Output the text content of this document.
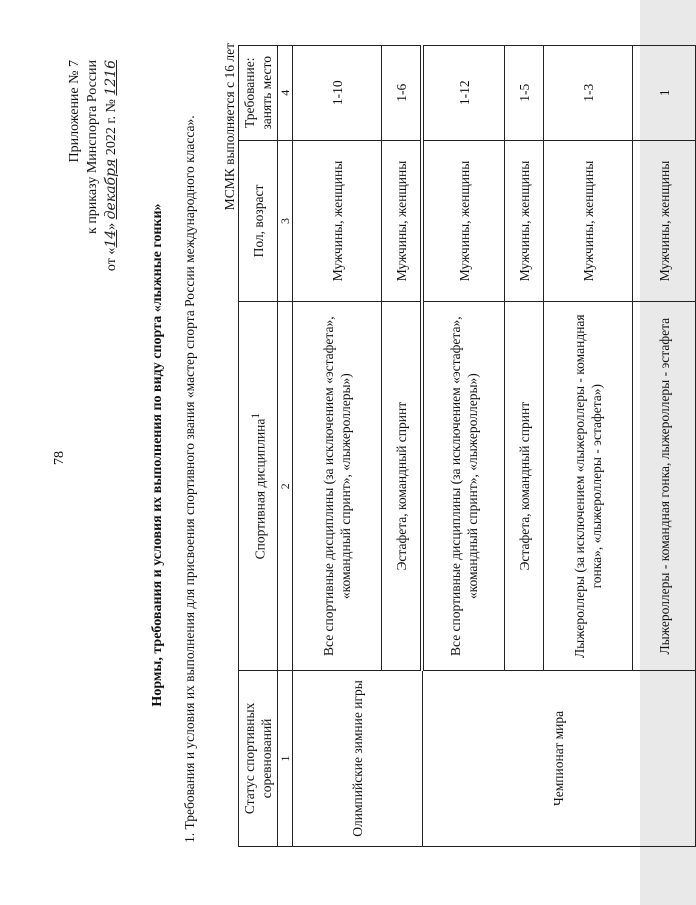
78
Приложение № 7 к приказу Минспорта России
от «14» декабря 2022 г. № 1216
Нормы, требования и условия их выполнения по виду спорта «лыжные гонки» 1. Требования и условия их выполнения для присвоения спортивного звания «мастер спорта России международного класса». МСМК выполняется с 16 лет
Статус спортивных соревнований	Спортивная дисциплина$^1$	Пол, возраст	Требование: занять место
1	2	3	4
Олимпийские зимние игры	Все спортивные дисциплины (за исключением «эстафета», «командный спринт», «лыжероллеры»)	Мужчины, женщины	1-10
	Эстафета, командный спринт	Мужчины, женщины	1-6
Чемпионат мира	Все спортивные дисциплины (за исключением «эстафета», «командный спринт», «лыжероллеры»)	Мужчины, женщины	1-12
	Эстафета, командный спринт	Мужчины, женщины	1-5
	Лыжероллеры (за исключением «лыжероллеры - командная гонка», «лыжероллеры - эстафета»)	Мужчины, женщины	1-3
	Лыжероллеры - командная гонка, лыжероллеры - эстафета	Мужчины, женщины	1
